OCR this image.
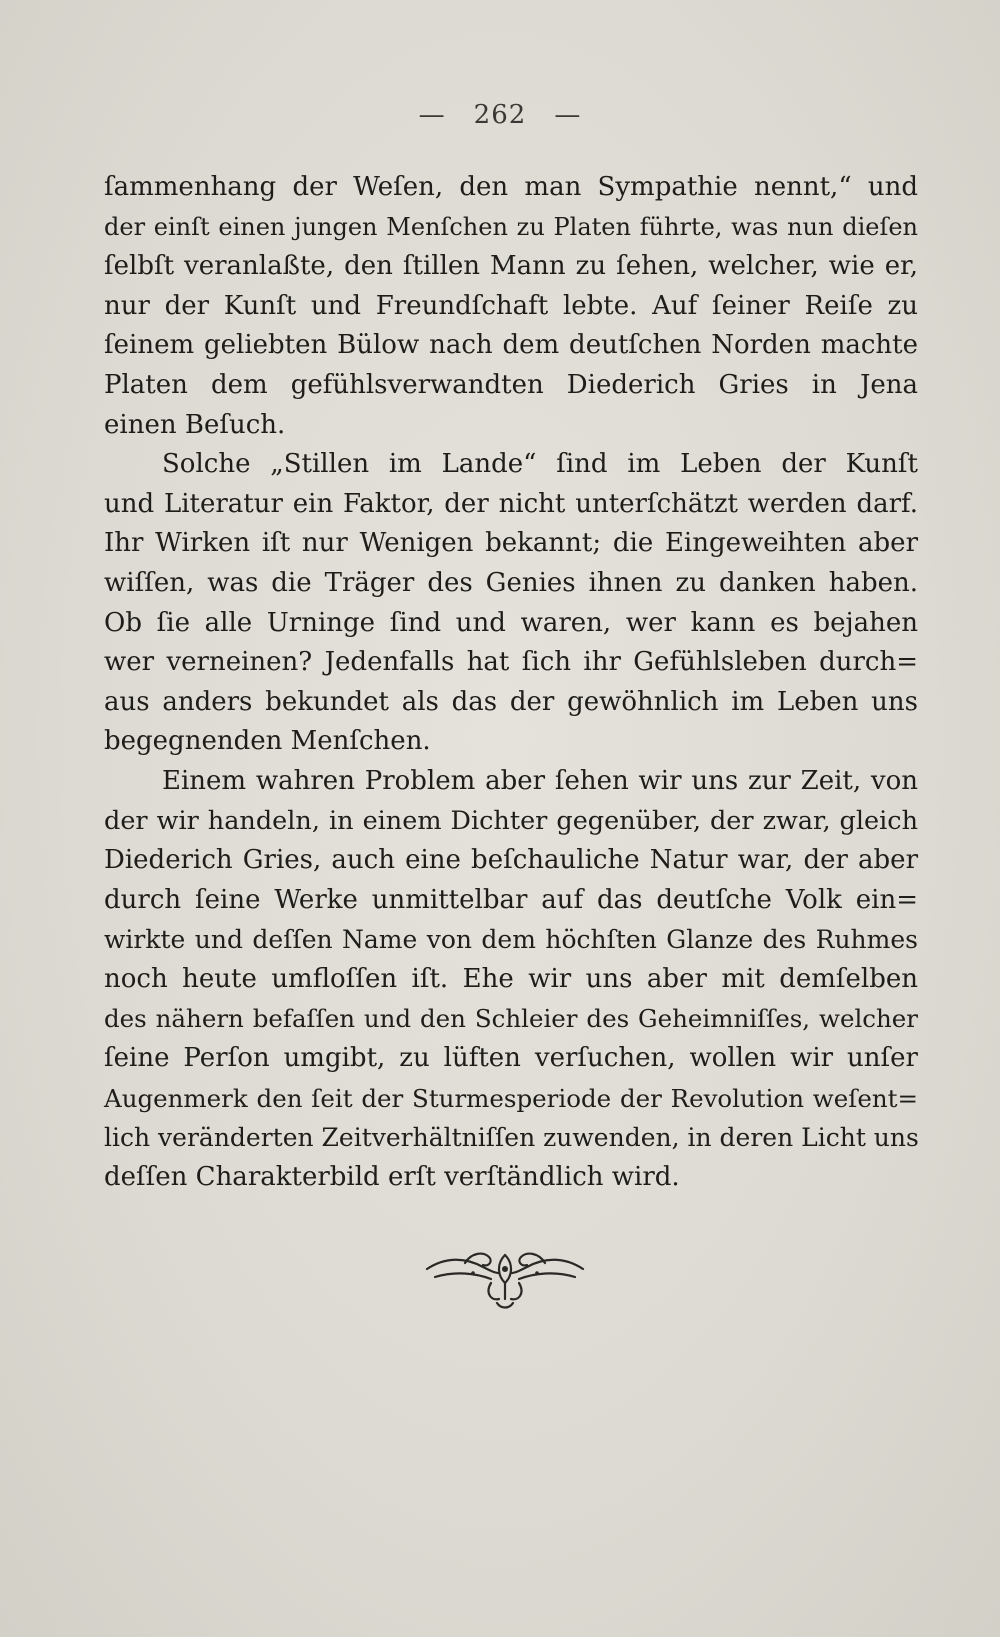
— 262 —
ſammenhang der Weſen, den man Sympathie nennt,“ und
der einſt einen jungen Menſchen zu Platen führte, was nun dieſen
ſelbſt veranlaßte, den ſtillen Mann zu ſehen, welcher, wie er,
nur der Kunſt und Freundſchaft lebte. Auf ſeiner Reiſe zu
ſeinem geliebten Bülow nach dem deutſchen Norden machte
Platen dem gefühlsverwandten Diederich Gries in Jena
einen Beſuch.
Solche „Stillen im Lande“ ſind im Leben der Kunſt
und Literatur ein Faktor, der nicht unterſchätzt werden darf.
Ihr Wirken iſt nur Wenigen bekannt; die Eingeweihten aber
wiſſen, was die Träger des Genies ihnen zu danken haben.
Ob ſie alle Urninge ſind und waren, wer kann es bejahen
wer verneinen? Jedenfalls hat ſich ihr Gefühlsleben durch=
aus anders bekundet als das der gewöhnlich im Leben uns
begegnenden Menſchen.
Einem wahren Problem aber ſehen wir uns zur Zeit, von
der wir handeln, in einem Dichter gegenüber, der zwar, gleich
Diederich Gries, auch eine beſchauliche Natur war, der aber
durch ſeine Werke unmittelbar auf das deutſche Volk ein=
wirkte und deſſen Name von dem höchſten Glanze des Ruhmes
noch heute umfloſſen iſt. Ehe wir uns aber mit demſelben
des nähern befaſſen und den Schleier des Geheimniſſes, welcher
ſeine Perſon umgibt, zu lüften verſuchen, wollen wir unſer
Augenmerk den ſeit der Sturmesperiode der Revolution weſent=
lich veränderten Zeitverhältniſſen zuwenden, in deren Licht uns
deſſen Charakterbild erſt verſtändlich wird.
